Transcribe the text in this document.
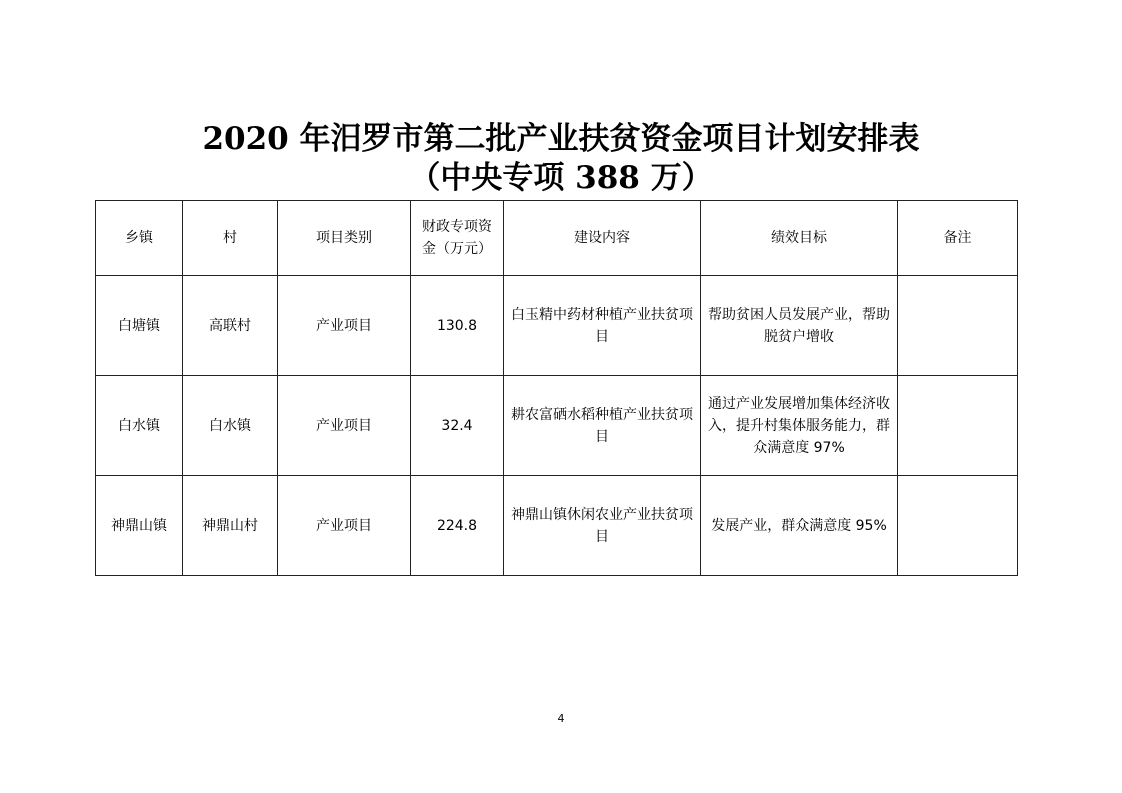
2020 年汨罗市第二批产业扶贫资金项目计划安排表
（中央专项 388 万）
乡镇	村	项目类别	财政专项资金（万元）	建设内容	绩效目标	备注
白塘镇	高联村	产业项目	130.8	白玉精中药材种植产业扶贫项目	帮助贫困人员发展产业，帮助脱贫户增收	
白水镇	白水镇	产业项目	32.4	耕农富硒水稻种植产业扶贫项目	通过产业发展增加集体经济收入，提升村集体服务能力，群众满意度 97%	
神鼎山镇	神鼎山村	产业项目	224.8	神鼎山镇休闲农业产业扶贫项目	发展产业，群众满意度 95%	
4
